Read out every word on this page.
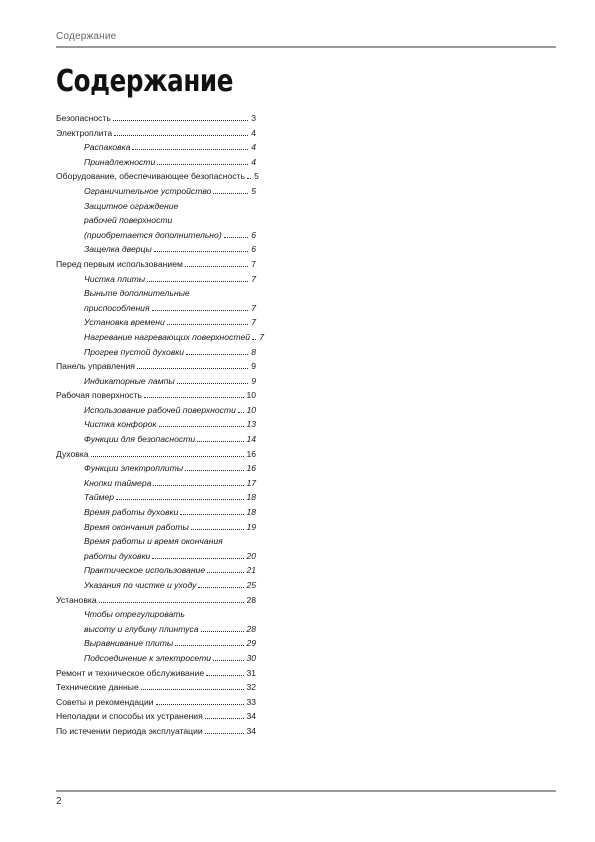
Содержание
Содержание
Безопасность	3
Электроплита	4
Распаковка	4
Принадлежности	4
Оборудование, обеспечивающее безопасность 5
Ограничительное устройство	5
Защитное ограждение
рабочей поверхности
(приобретается дополнительно)	6
Защелка дверцы	6
Перед первым использованием	7
Чистка плиты	7
Выньте дополнительные
приспособления	7
Установка времени	7
Нагревание нагревающих поверхностей 7
Прогрев пустой духовки	8
Панель управления	9
Индикаторные лампы	9
Рабочая поверхность	10
Использование рабочей поверхности 10
Чистка конфорок	13
Функции для безопасности	14
Духовка	16
Функции электроплиты	16
Кнопки таймера	17
Таймер	18
Время работы духовки	18
Время окончания работы	19
Время работы и время окончания
работы духовки	20
Практическое использование	21
Указания по чистке и уходу	25
Установка	28
Чтобы отрегулировать
высоту и глубину плинтуса	28
Выравнивание плиты	29
Подсоединение к электросети	30
Ремонт и техническое обслуживание	31
Технические данные	32
Советы и рекомендации	33
Неполадки и способы их устранения	34
По истечении периода эксплуатации	34
2
